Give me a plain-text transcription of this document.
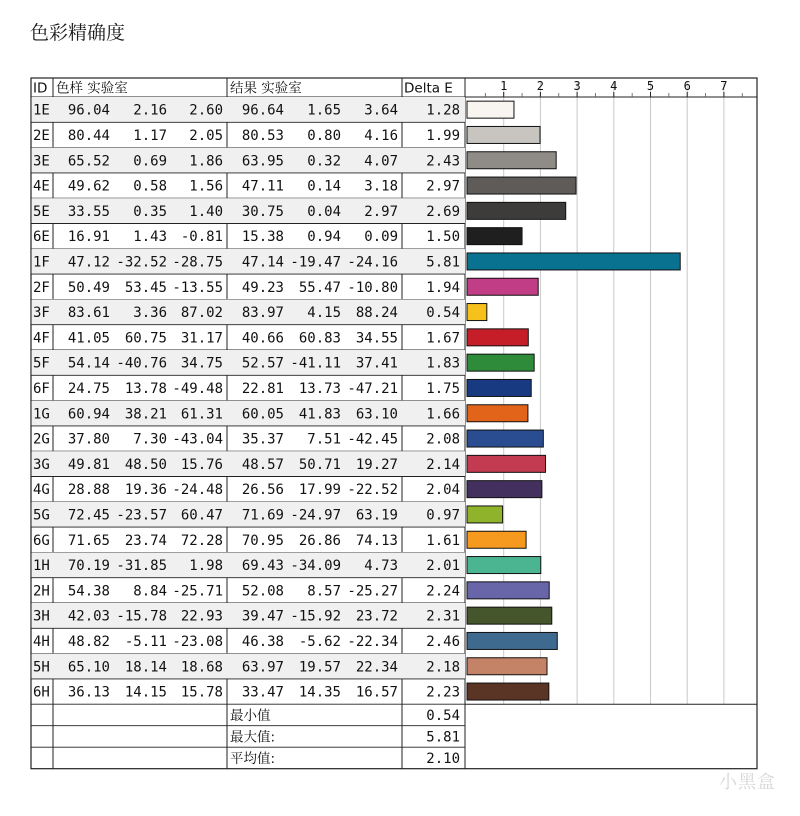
色彩精确度
ID 色样 实验室	结果 实验室	Delta E
1E 96.04 2.16 2.60 96.64 1.65 3.64 1.28
2E 80.44 1.17 2.05 80.53 0.80 4.16 1.99
3E 65.52 0.69 1.86 63.95 0.32 4.07 2.43
4E 49.62 0.58 1.56 47.11 0.14 3.18 2.97
5E 33.55 0.35 1.40 30.75 0.04 2.97 2.69
6E 16.91 1.43 -0.81 15.38 0.94 0.09 1.50
1F 47.12 -32.52 -28.75 47.14 -19.47 -24.16 5.81
2F 50.49 53.45 -13.55 49.23 55.47 -10.80 1.94
3F 83.61 3.36 87.02 83.97 4.15 88.24 0.54
4F 41.05 60.75 31.17 40.66 60.83 34.55 1.67
5F 54.14 -40.76 34.75 52.57 -41.11 37.41 1.83
6F 24.75 13.78 -49.48 22.81 13.73 -47.21 1.75
1G 60.94 38.21 61.31 60.05 41.83 63.10 1.66
2G 37.80 7.30 -43.04 35.37 7.51 -42.45 2.08
3G 49.81 48.50 15.76 48.57 50.71 19.27 2.14
4G 28.88 19.36 -24.48 26.56 17.99 -22.52 2.04
5G 72.45 -23.57 60.47 71.69 -24.97 63.19 0.97
6G 71.65 23.74 72.28 70.95 26.86 74.13 1.61
1H 70.19 -31.85 1.98 69.43 -34.09 4.73 2.01
2H 54.38 8.84 -25.71 52.08 8.57 -25.27 2.24
3H 42.03 -15.78 22.93 39.47 -15.92 23.72 2.31
4H 48.82 -5.11 -23.08 46.38 -5.62 -22.34 2.46
5H 65.10 18.14 18.68 63.97 19.57 22.34 2.18
6H 36.13 14.15 15.78 33.47 14.35 16.57 2.23
最小值	0.54
最大值:	5.81
平均值:	2.10
1 2 3 4 5 6 7
小黑盒
